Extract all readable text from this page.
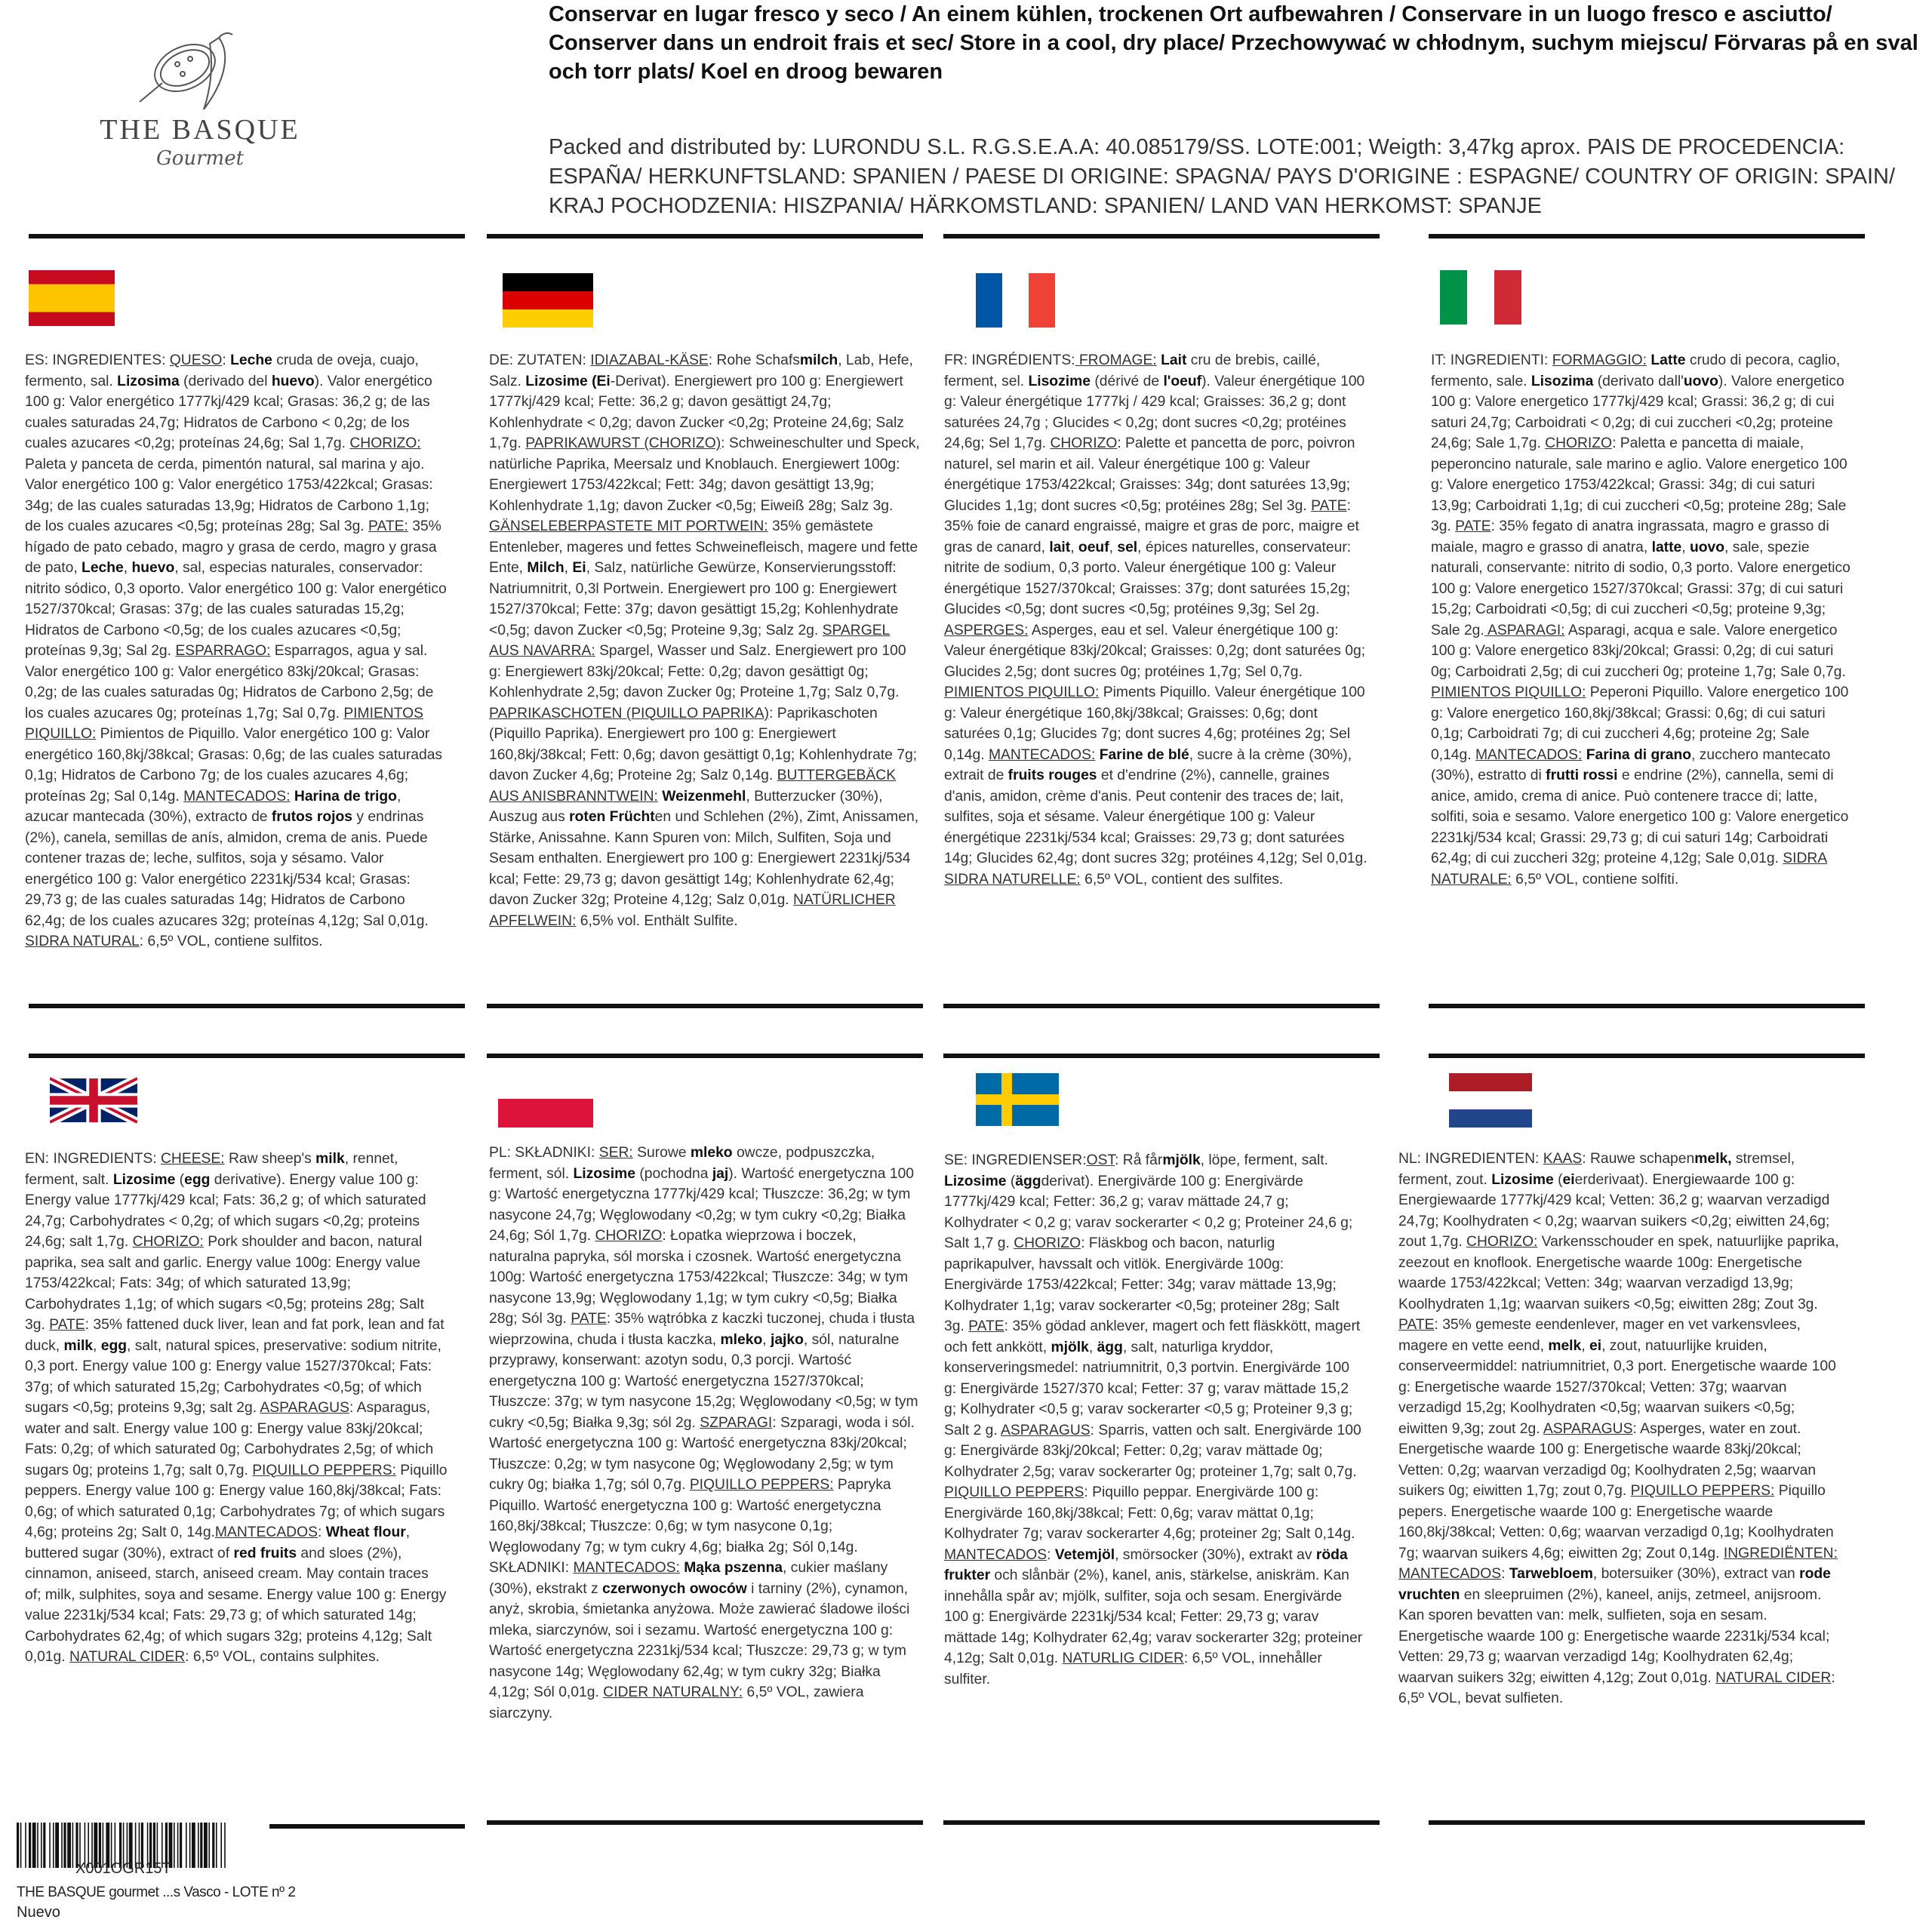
THE BASQUE
Gourmet
Conservar en lugar fresco y seco / An einem kühlen, trockenen Ort aufbewahren / Conservare in un luogo fresco e asciutto/ Conserver dans un endroit frais et sec/ Store in a cool, dry place/ Przechowywać w chłodnym, suchym miejscu/ Förvaras på en sval och torr plats/ Koel en droog bewaren
Packed and distributed by: LURONDU S.L. R.G.S.E.A.A: 40.085179/SS. LOTE:001; Weigth: 3,47kg aprox. PAIS DE PROCEDENCIA: ESPAÑA/ HERKUNFTSLAND: SPANIEN / PAESE DI ORIGINE: SPAGNA/ PAYS D'ORIGINE : ESPAGNE/ COUNTRY OF ORIGIN: SPAIN/ KRAJ POCHODZENIA: HISZPANIA/ HÄRKOMSTLAND: SPANIEN/ LAND VAN HERKOMST: SPANJE
ES: INGREDIENTES: QUESO: Leche cruda de oveja, cuajo, fermento, sal. Lizosima (derivado del huevo). Valor energético 100 g: Valor energético 1777kj/429 kcal; Grasas: 36,2 g; de las cuales saturadas 24,7g; Hidratos de Carbono < 0,2g; de los cuales azucares <0,2g; proteínas 24,6g; Sal 1,7g. CHORIZO: Paleta y panceta de cerda, pimentón natural, sal marina y ajo. Valor energético 100 g: Valor energético 1753/422kcal; Grasas: 34g; de las cuales saturadas 13,9g; Hidratos de Carbono 1,1g; de los cuales azucares <0,5g; proteínas 28g; Sal 3g. PATE: 35% hígado de pato cebado, magro y grasa de cerdo, magro y grasa de pato, Leche, huevo, sal, especias naturales, conservador: nitrito sódico, 0,3 oporto. Valor energético 100 g: Valor energético 1527/370kcal; Grasas: 37g; de las cuales saturadas 15,2g; Hidratos de Carbono <0,5g; de los cuales azucares <0,5g; proteínas 9,3g; Sal 2g. ESPARRAGO: Esparragos, agua y sal. Valor energético 100 g: Valor energético 83kj/20kcal; Grasas: 0,2g; de las cuales saturadas 0g; Hidratos de Carbono 2,5g; de los cuales azucares 0g; proteínas 1,7g; Sal 0,7g. PIMIENTOS PIQUILLO: Pimientos de Piquillo. Valor energético 100 g: Valor energético 160,8kj/38kcal; Grasas: 0,6g; de las cuales saturadas 0,1g; Hidratos de Carbono 7g; de los cuales azucares 4,6g; proteínas 2g; Sal 0,14g. MANTECADOS: Harina de trigo, azucar mantecada (30%), extracto de frutos rojos y endrinas (2%), canela, semillas de anís, almidon, crema de anis. Puede contener trazas de; leche, sulfitos, soja y sésamo. Valor energético 100 g: Valor energético 2231kj/534 kcal; Grasas: 29,73 g; de las cuales saturadas 14g; Hidratos de Carbono 62,4g; de los cuales azucares 32g; proteínas 4,12g; Sal 0,01g. SIDRA NATURAL: 6,5º VOL, contiene sulfitos.
DE: ZUTATEN: IDIAZABAL-KÄSE: Rohe Schafsmilch, Lab, Hefe, Salz. Lizosime (Ei-Derivat). Energiewert pro 100 g: Energiewert 1777kj/429 kcal; Fette: 36,2 g; davon gesättigt 24,7g; Kohlenhydrate < 0,2g; davon Zucker <0,2g; Proteine 24,6g; Salz 1,7g. PAPRIKAWURST (CHORIZO): Schweineschulter und Speck, natürliche Paprika, Meersalz und Knoblauch. Energiewert 100g: Energiewert 1753/422kcal; Fett: 34g; davon gesättigt 13,9g; Kohlenhydrate 1,1g; davon Zucker <0,5g; Eiweiß 28g; Salz 3g. GÄNSELEBERPASTETE MIT PORTWEIN: 35% gemästete Entenleber, mageres und fettes Schweinefleisch, magere und fette Ente, Milch, Ei, Salz, natürliche Gewürze, Konservierungsstoff: Natriumnitrit, 0,3l Portwein. Energiewert pro 100 g: Energiewert 1527/370kcal; Fette: 37g; davon gesättigt 15,2g; Kohlenhydrate <0,5g; davon Zucker <0,5g; Proteine 9,3g; Salz 2g. SPARGEL AUS NAVARRA: Spargel, Wasser und Salz. Energiewert pro 100 g: Energiewert 83kj/20kcal; Fette: 0,2g; davon gesättigt 0g; Kohlenhydrate 2,5g; davon Zucker 0g; Proteine 1,7g; Salz 0,7g. PAPRIKASCHOTEN (PIQUILLO PAPRIKA): Paprikaschoten (Piquillo Paprika). Energiewert pro 100 g: Energiewert 160,8kj/38kcal; Fett: 0,6g; davon gesättigt 0,1g; Kohlenhydrate 7g; davon Zucker 4,6g; Proteine 2g; Salz 0,14g. BUTTERGEBÄCK AUS ANISBRANNTWEIN: Weizenmehl, Butterzucker (30%), Auszug aus roten Früchten und Schlehen (2%), Zimt, Anissamen, Stärke, Anissahne. Kann Spuren von: Milch, Sulfiten, Soja und Sesam enthalten. Energiewert pro 100 g: Energiewert 2231kj/534 kcal; Fette: 29,73 g; davon gesättigt 14g; Kohlenhydrate 62,4g; davon Zucker 32g; Proteine 4,12g; Salz 0,01g. NATÜRLICHER APFELWEIN: 6,5% vol. Enthält Sulfite.
FR: INGRÉDIENTS: FROMAGE: Lait cru de brebis, caillé, ferment, sel. Lisozime (dérivé de l'oeuf). Valeur énergétique 100 g: Valeur énergétique 1777kj / 429 kcal; Graisses: 36,2 g; dont saturées 24,7g ; Glucides < 0,2g; dont sucres <0,2g; protéines 24,6g; Sel 1,7g. CHORIZO: Palette et pancetta de porc, poivron naturel, sel marin et ail. Valeur énergétique 100 g: Valeur énergétique 1753/422kcal; Graisses: 34g; dont saturées 13,9g; Glucides 1,1g; dont sucres <0,5g; protéines 28g; Sel 3g. PATE: 35% foie de canard engraissé, maigre et gras de porc, maigre et gras de canard, lait, oeuf, sel, épices naturelles, conservateur: nitrite de sodium, 0,3 porto. Valeur énergétique 100 g: Valeur énergétique 1527/370kcal; Graisses: 37g; dont saturées 15,2g; Glucides <0,5g; dont sucres <0,5g; protéines 9,3g; Sel 2g. ASPERGES: Asperges, eau et sel. Valeur énergétique 100 g: Valeur énergétique 83kj/20kcal; Graisses: 0,2g; dont saturées 0g; Glucides 2,5g; dont sucres 0g; protéines 1,7g; Sel 0,7g. PIMIENTOS PIQUILLO: Piments Piquillo. Valeur énergétique 100 g: Valeur énergétique 160,8kj/38kcal; Graisses: 0,6g; dont saturées 0,1g; Glucides 7g; dont sucres 4,6g; protéines 2g; Sel 0,14g. MANTECADOS: Farine de blé, sucre à la crème (30%), extrait de fruits rouges et d'endrine (2%), cannelle, graines d'anis, amidon, crème d'anis. Peut contenir des traces de; lait, sulfites, soja et sésame. Valeur énergétique 100 g: Valeur énergétique 2231kj/534 kcal; Graisses: 29,73 g; dont saturées 14g; Glucides 62,4g; dont sucres 32g; protéines 4,12g; Sel 0,01g. SIDRA NATURELLE: 6,5º VOL, contient des sulfites.
IT: INGREDIENTI: FORMAGGIO: Latte crudo di pecora, caglio, fermento, sale. Lisozima (derivato dall'uovo). Valore energetico 100 g: Valore energetico 1777kj/429 kcal; Grassi: 36,2 g; di cui saturi 24,7g; Carboidrati < 0,2g; di cui zuccheri <0,2g; proteine 24,6g; Sale 1,7g. CHORIZO: Paletta e pancetta di maiale, peperoncino naturale, sale marino e aglio. Valore energetico 100 g: Valore energetico 1753/422kcal; Grassi: 34g; di cui saturi 13,9g; Carboidrati 1,1g; di cui zuccheri <0,5g; proteine 28g; Sale 3g. PATE: 35% fegato di anatra ingrassata, magro e grasso di maiale, magro e grasso di anatra, latte, uovo, sale, spezie naturali, conservante: nitrito di sodio, 0,3 porto. Valore energetico 100 g: Valore energetico 1527/370kcal; Grassi: 37g; di cui saturi 15,2g; Carboidrati <0,5g; di cui zuccheri <0,5g; proteine 9,3g; Sale 2g. ASPARAGI: Asparagi, acqua e sale. Valore energetico 100 g: Valore energetico 83kj/20kcal; Grassi: 0,2g; di cui saturi 0g; Carboidrati 2,5g; di cui zuccheri 0g; proteine 1,7g; Sale 0,7g. PIMIENTOS PIQUILLO: Peperoni Piquillo. Valore energetico 100 g: Valore energetico 160,8kj/38kcal; Grassi: 0,6g; di cui saturi 0,1g; Carboidrati 7g; di cui zuccheri 4,6g; proteine 2g; Sale 0,14g. MANTECADOS: Farina di grano, zucchero mantecato (30%), estratto di frutti rossi e endrine (2%), cannella, semi di anice, amido, crema di anice. Può contenere tracce di; latte, solfiti, soia e sesamo. Valore energetico 100 g: Valore energetico 2231kj/534 kcal; Grassi: 29,73 g; di cui saturi 14g; Carboidrati 62,4g; di cui zuccheri 32g; proteine 4,12g; Sale 0,01g. SIDRA NATURALE: 6,5º VOL, contiene solfiti.
EN: INGREDIENTS: CHEESE: Raw sheep's milk, rennet, ferment, salt. Lizosime (egg derivative). Energy value 100 g: Energy value 1777kj/429 kcal; Fats: 36,2 g; of which saturated 24,7g; Carbohydrates < 0,2g; of which sugars <0,2g; proteins 24,6g; salt 1,7g. CHORIZO: Pork shoulder and bacon, natural paprika, sea salt and garlic. Energy value 100g: Energy value 1753/422kcal; Fats: 34g; of which saturated 13,9g; Carbohydrates 1,1g; of which sugars <0,5g; proteins 28g; Salt 3g. PATE: 35% fattened duck liver, lean and fat pork, lean and fat duck, milk, egg, salt, natural spices, preservative: sodium nitrite, 0,3 port. Energy value 100 g: Energy value 1527/370kcal; Fats: 37g; of which saturated 15,2g; Carbohydrates <0,5g; of which sugars <0,5g; proteins 9,3g; salt 2g. ASPARAGUS: Asparagus, water and salt. Energy value 100 g: Energy value 83kj/20kcal; Fats: 0,2g; of which saturated 0g; Carbohydrates 2,5g; of which sugars 0g; proteins 1,7g; salt 0,7g. PIQUILLO PEPPERS: Piquillo peppers. Energy value 100 g: Energy value 160,8kj/38kcal; Fats: 0,6g; of which saturated 0,1g; Carbohydrates 7g; of which sugars 4,6g; proteins 2g; Salt 0, 14g.MANTECADOS: Wheat flour, buttered sugar (30%), extract of red fruits and sloes (2%), cinnamon, aniseed, starch, aniseed cream. May contain traces of; milk, sulphites, soya and sesame. Energy value 100 g: Energy value 2231kj/534 kcal; Fats: 29,73 g; of which saturated 14g; Carbohydrates 62,4g; of which sugars 32g; proteins 4,12g; Salt 0,01g. NATURAL CIDER: 6,5º VOL, contains sulphites.
PL: SKŁADNIKI: SER: Surowe mleko owcze, podpuszczka, ferment, sól. Lizosime (pochodna jaj). Wartość energetyczna 100 g: Wartość energetyczna 1777kj/429 kcal; Tłuszcze: 36,2g; w tym nasycone 24,7g; Węglowodany <0,2g; w tym cukry <0,2g; Białka 24,6g; Sól 1,7g. CHORIZO: Łopatka wieprzowa i boczek, naturalna papryka, sól morska i czosnek. Wartość energetyczna 100g: Wartość energetyczna 1753/422kcal; Tłuszcze: 34g; w tym nasycone 13,9g; Węglowodany 1,1g; w tym cukry <0,5g; Białka 28g; Sól 3g. PATE: 35% wątróbka z kaczki tuczonej, chuda i tłusta wieprzowina, chuda i tłusta kaczka, mleko, jajko, sól, naturalne przyprawy, konserwant: azotyn sodu, 0,3 porcji. Wartość energetyczna 100 g: Wartość energetyczna 1527/370kcal; Tłuszcze: 37g; w tym nasycone 15,2g; Węglowodany <0,5g; w tym cukry <0,5g; Białka 9,3g; sól 2g. SZPARAGI: Szparagi, woda i sól. Wartość energetyczna 100 g: Wartość energetyczna 83kj/20kcal; Tłuszcze: 0,2g; w tym nasycone 0g; Węglowodany 2,5g; w tym cukry 0g; białka 1,7g; sól 0,7g. PIQUILLO PEPPERS: Papryka Piquillo. Wartość energetyczna 100 g: Wartość energetyczna 160,8kj/38kcal; Tłuszcze: 0,6g; w tym nasycone 0,1g; Węglowodany 7g; w tym cukry 4,6g; białka 2g; Sól 0,14g. SKŁADNIKI: MANTECADOS: Mąka pszenna, cukier maślany (30%), ekstrakt z czerwonych owoców i tarniny (2%), cynamon, anyż, skrobia, śmietanka anyżowa. Może zawierać śladowe ilości mleka, siarczynów, soi i sezamu. Wartość energetyczna 100 g: Wartość energetyczna 2231kj/534 kcal; Tłuszcze: 29,73 g; w tym nasycone 14g; Węglowodany 62,4g; w tym cukry 32g; Białka 4,12g; Sól 0,01g. CIDER NATURALNY: 6,5º VOL, zawiera siarczyny.
SE: INGREDIENSER:OST: Rå fårmjölk, löpe, ferment, salt. Lizosime (äggderivat). Energivärde 100 g: Energivärde 1777kj/429 kcal; Fetter: 36,2 g; varav mättade 24,7 g; Kolhydrater < 0,2 g; varav sockerarter < 0,2 g; Proteiner 24,6 g; Salt 1,7 g. CHORIZO: Fläskbog och bacon, naturlig paprikapulver, havssalt och vitlök. Energivärde 100g: Energivärde 1753/422kcal; Fetter: 34g; varav mättade 13,9g; Kolhydrater 1,1g; varav sockerarter <0,5g; proteiner 28g; Salt 3g. PATE: 35% gödad anklever, magert och fett fläskkött, magert och fett ankkött, mjölk, ägg, salt, naturliga kryddor, konserveringsmedel: natriumnitrit, 0,3 portvin. Energivärde 100 g: Energivärde 1527/370 kcal; Fetter: 37 g; varav mättade 15,2 g; Kolhydrater <0,5 g; varav sockerarter <0,5 g; Proteiner 9,3 g; Salt 2 g. ASPARAGUS: Sparris, vatten och salt. Energivärde 100 g: Energivärde 83kj/20kcal; Fetter: 0,2g; varav mättade 0g; Kolhydrater 2,5g; varav sockerarter 0g; proteiner 1,7g; salt 0,7g. PIQUILLO PEPPERS: Piquillo peppar. Energivärde 100 g: Energivärde 160,8kj/38kcal; Fett: 0,6g; varav mättat 0,1g; Kolhydrater 7g; varav sockerarter 4,6g; proteiner 2g; Salt 0,14g. MANTECADOS: Vetemjöl, smörsocker (30%), extrakt av röda frukter och slånbär (2%), kanel, anis, stärkelse, aniskräm. Kan innehålla spår av; mjölk, sulfiter, soja och sesam. Energivärde 100 g: Energivärde 2231kj/534 kcal; Fetter: 29,73 g; varav mättade 14g; Kolhydrater 62,4g; varav sockerarter 32g; proteiner 4,12g; Salt 0,01g. NATURLIG CIDER: 6,5º VOL, innehåller sulfiter.
NL: INGREDIENTEN: KAAS: Rauwe schapenmelk, stremsel, ferment, zout. Lizosime (eierderivaat). Energiewaarde 100 g: Energiewaarde 1777kj/429 kcal; Vetten: 36,2 g; waarvan verzadigd 24,7g; Koolhydraten < 0,2g; waarvan suikers <0,2g; eiwitten 24,6g; zout 1,7g. CHORIZO: Varkensschouder en spek, natuurlijke paprika, zeezout en knoflook. Energetische waarde 100g: Energetische waarde 1753/422kcal; Vetten: 34g; waarvan verzadigd 13,9g; Koolhydraten 1,1g; waarvan suikers <0,5g; eiwitten 28g; Zout 3g. PATE: 35% gemeste eendenlever, mager en vet varkensvlees, magere en vette eend, melk, ei, zout, natuurlijke kruiden, conserveermiddel: natriumnitriet, 0,3 port. Energetische waarde 100 g: Energetische waarde 1527/370kcal; Vetten: 37g; waarvan verzadigd 15,2g; Koolhydraten <0,5g; waarvan suikers <0,5g; eiwitten 9,3g; zout 2g. ASPARAGUS: Asperges, water en zout. Energetische waarde 100 g: Energetische waarde 83kj/20kcal; Vetten: 0,2g; waarvan verzadigd 0g; Koolhydraten 2,5g; waarvan suikers 0g; eiwitten 1,7g; zout 0,7g. PIQUILLO PEPPERS: Piquillo pepers. Energetische waarde 100 g: Energetische waarde 160,8kj/38kcal; Vetten: 0,6g; waarvan verzadigd 0,1g; Koolhydraten 7g; waarvan suikers 4,6g; eiwitten 2g; Zout 0,14g. INGREDIËNTEN: MANTECADOS: Tarwebloem, botersuiker (30%), extract van rode vruchten en sleepruimen (2%), kaneel, anijs, zetmeel, anijsroom. Kan sporen bevatten van: melk, sulfieten, soja en sesam. Energetische waarde 100 g: Energetische waarde 2231kj/534 kcal; Vetten: 29,73 g; waarvan verzadigd 14g; Koolhydraten 62,4g; waarvan suikers 32g; eiwitten 4,12g; Zout 0,01g. NATURAL CIDER: 6,5º VOL, bevat sulfieten.
X001OGR15T
THE BASQUE gourmet ...s Vasco - LOTE nº 2
Nuevo
